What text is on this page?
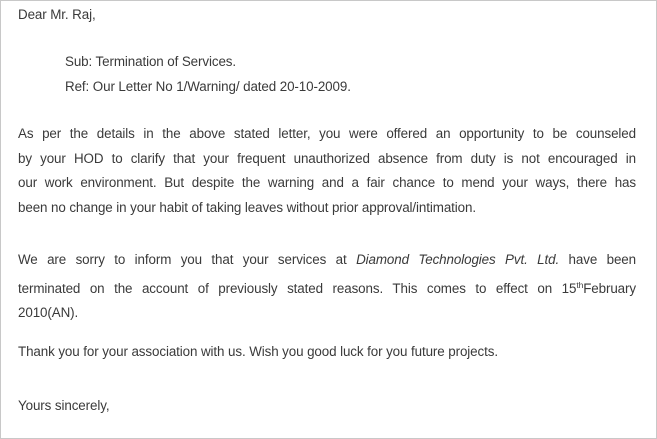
Dear Mr. Raj,
Sub: Termination of Services.
Ref: Our Letter No 1/Warning/ dated 20-10-2009.
As per the details in the above stated letter, you were offered an opportunity to be counseled
by your HOD to clarify that your frequent unauthorized absence from duty is not encouraged in
our work environment. But despite the warning and a fair chance to mend your ways, there has
been no change in your habit of taking leaves without prior approval/intimation.
We are sorry to inform you that your services at Diamond Technologies Pvt. Ltd. have been
terminated on the account of previously stated reasons. This comes to effect on 15thFebruary
2010(AN).
Thank you for your association with us. Wish you good luck for you future projects.
Yours sincerely,
